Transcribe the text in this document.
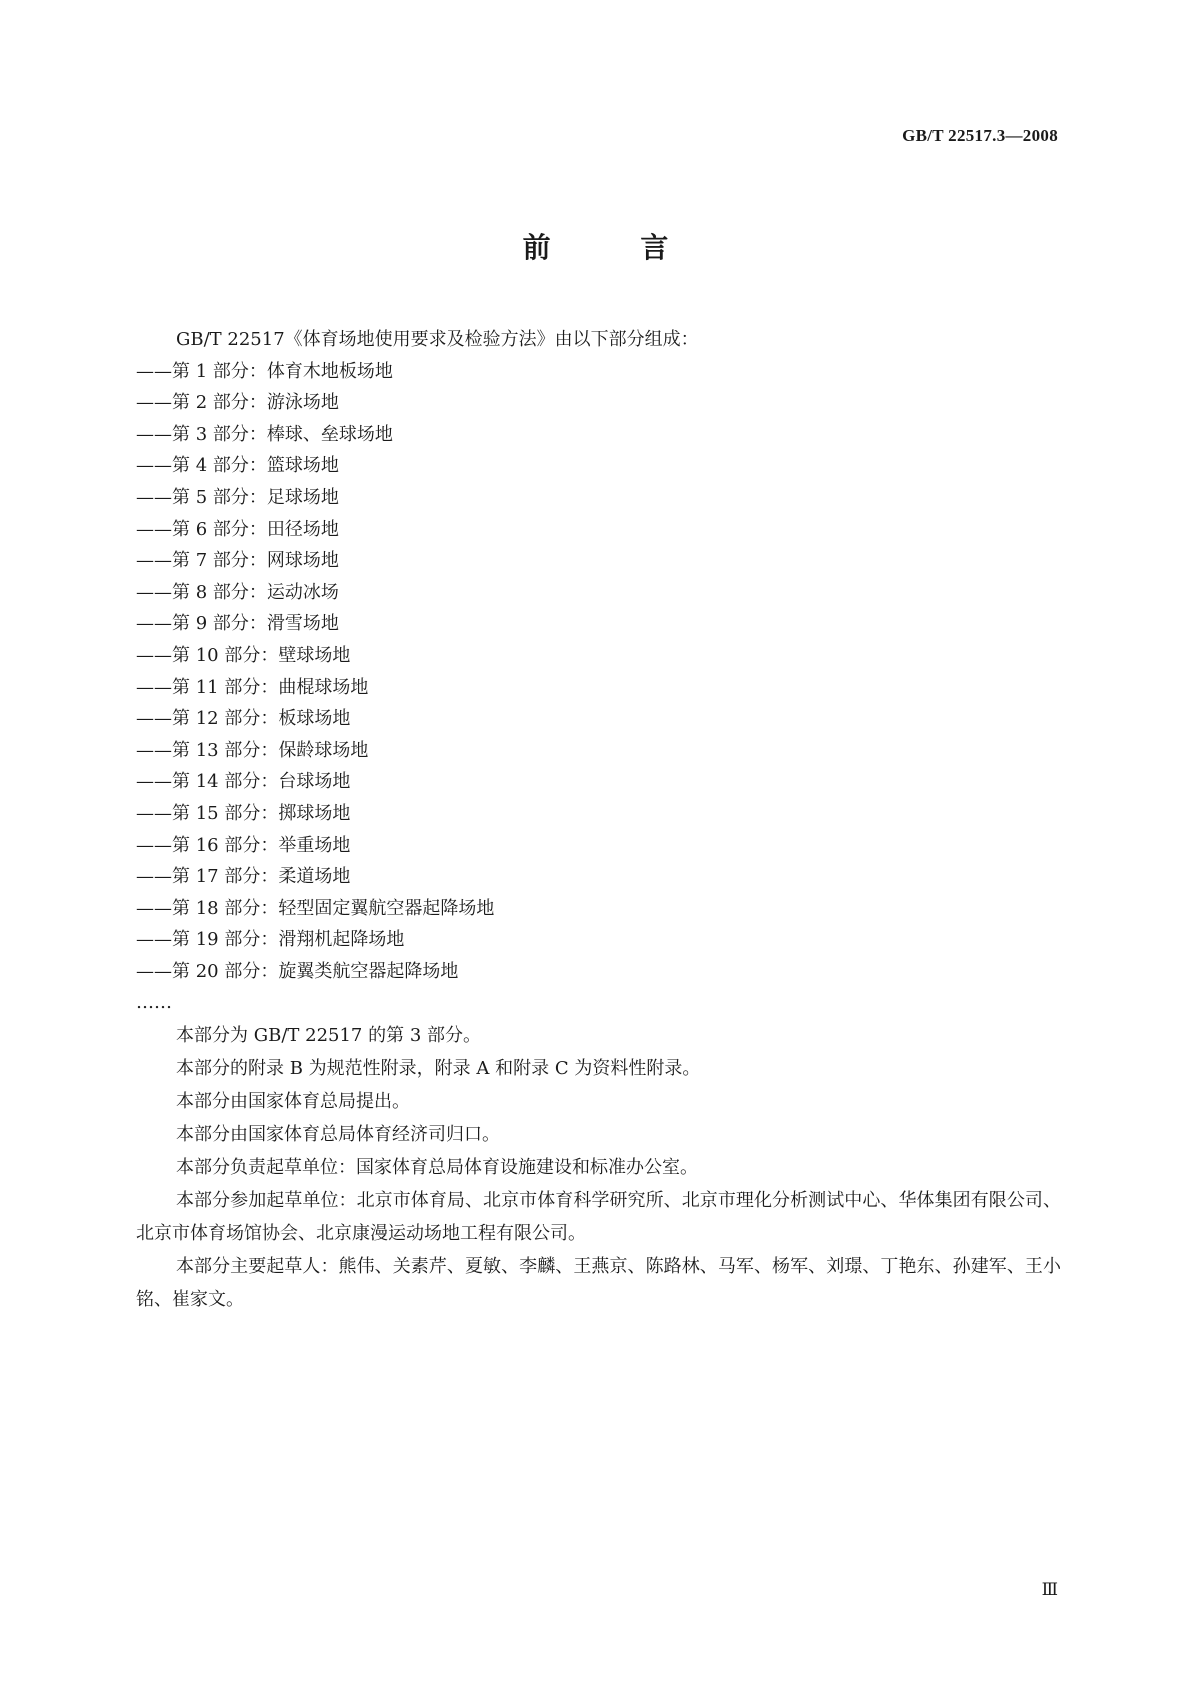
GB/T 22517.3—2008
前 言
GB/T 22517《体育场地使用要求及检验方法》由以下部分组成：
——第 1 部分：体育木地板场地
——第 2 部分：游泳场地
——第 3 部分：棒球、垒球场地
——第 4 部分：篮球场地
——第 5 部分：足球场地
——第 6 部分：田径场地
——第 7 部分：网球场地
——第 8 部分：运动冰场
——第 9 部分：滑雪场地
——第 10 部分：壁球场地
——第 11 部分：曲棍球场地
——第 12 部分：板球场地
——第 13 部分：保龄球场地
——第 14 部分：台球场地
——第 15 部分：掷球场地
——第 16 部分：举重场地
——第 17 部分：柔道场地
——第 18 部分：轻型固定翼航空器起降场地
——第 19 部分：滑翔机起降场地
——第 20 部分：旋翼类航空器起降场地
……
本部分为 GB/T 22517 的第 3 部分。
本部分的附录 B 为规范性附录，附录 A 和附录 C 为资料性附录。
本部分由国家体育总局提出。
本部分由国家体育总局体育经济司归口。
本部分负责起草单位：国家体育总局体育设施建设和标准办公室。
本部分参加起草单位：北京市体育局、北京市体育科学研究所、北京市理化分析测试中心、华体集团有限公司、北京市体育场馆协会、北京康漫运动场地工程有限公司。
本部分主要起草人：熊伟、关素芹、夏敏、李麟、王燕京、陈路林、马军、杨军、刘璟、丁艳东、孙建军、王小铭、崔家文。
Ⅲ
